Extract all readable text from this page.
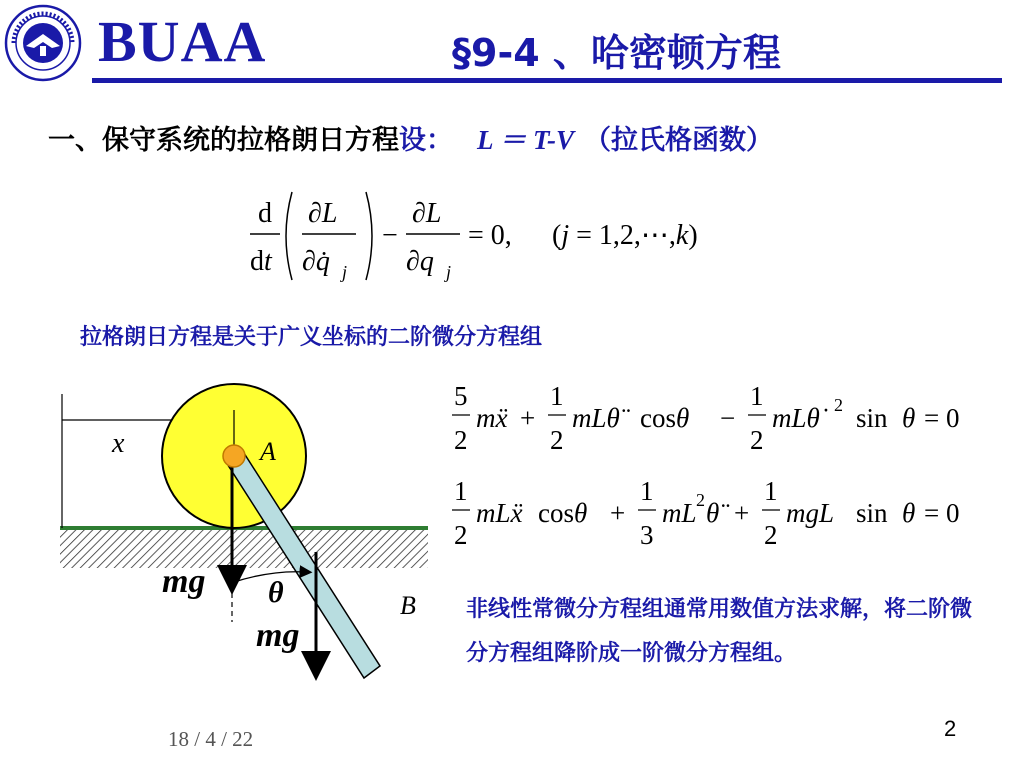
BUAA	§9-4 、哈密顿方程
一、保守系统的拉格朗日方程设： L ＝ T-V （拉氏格函数）
d
dt
∂L
∂q̇ j
−
∂L
∂q j
= 0, (j = 1,2,⋯,k)
拉格朗日方程是关于广义坐标的二阶微分方程组
x	A
B
mg θ
mg
5
2
mẍ +
1
2
mLθ̈ cosθ −
1
2
mLθ̇ 2 sin θ = 0
1
2
mLẍ cosθ +
1
3
mL 2 θ̈ +
1
2
mgL sin θ = 0
非线性常微分方程组通常用数值方法求解，将二阶微分方程组降阶成一阶微分方程组。
18 / 4 / 22	2
